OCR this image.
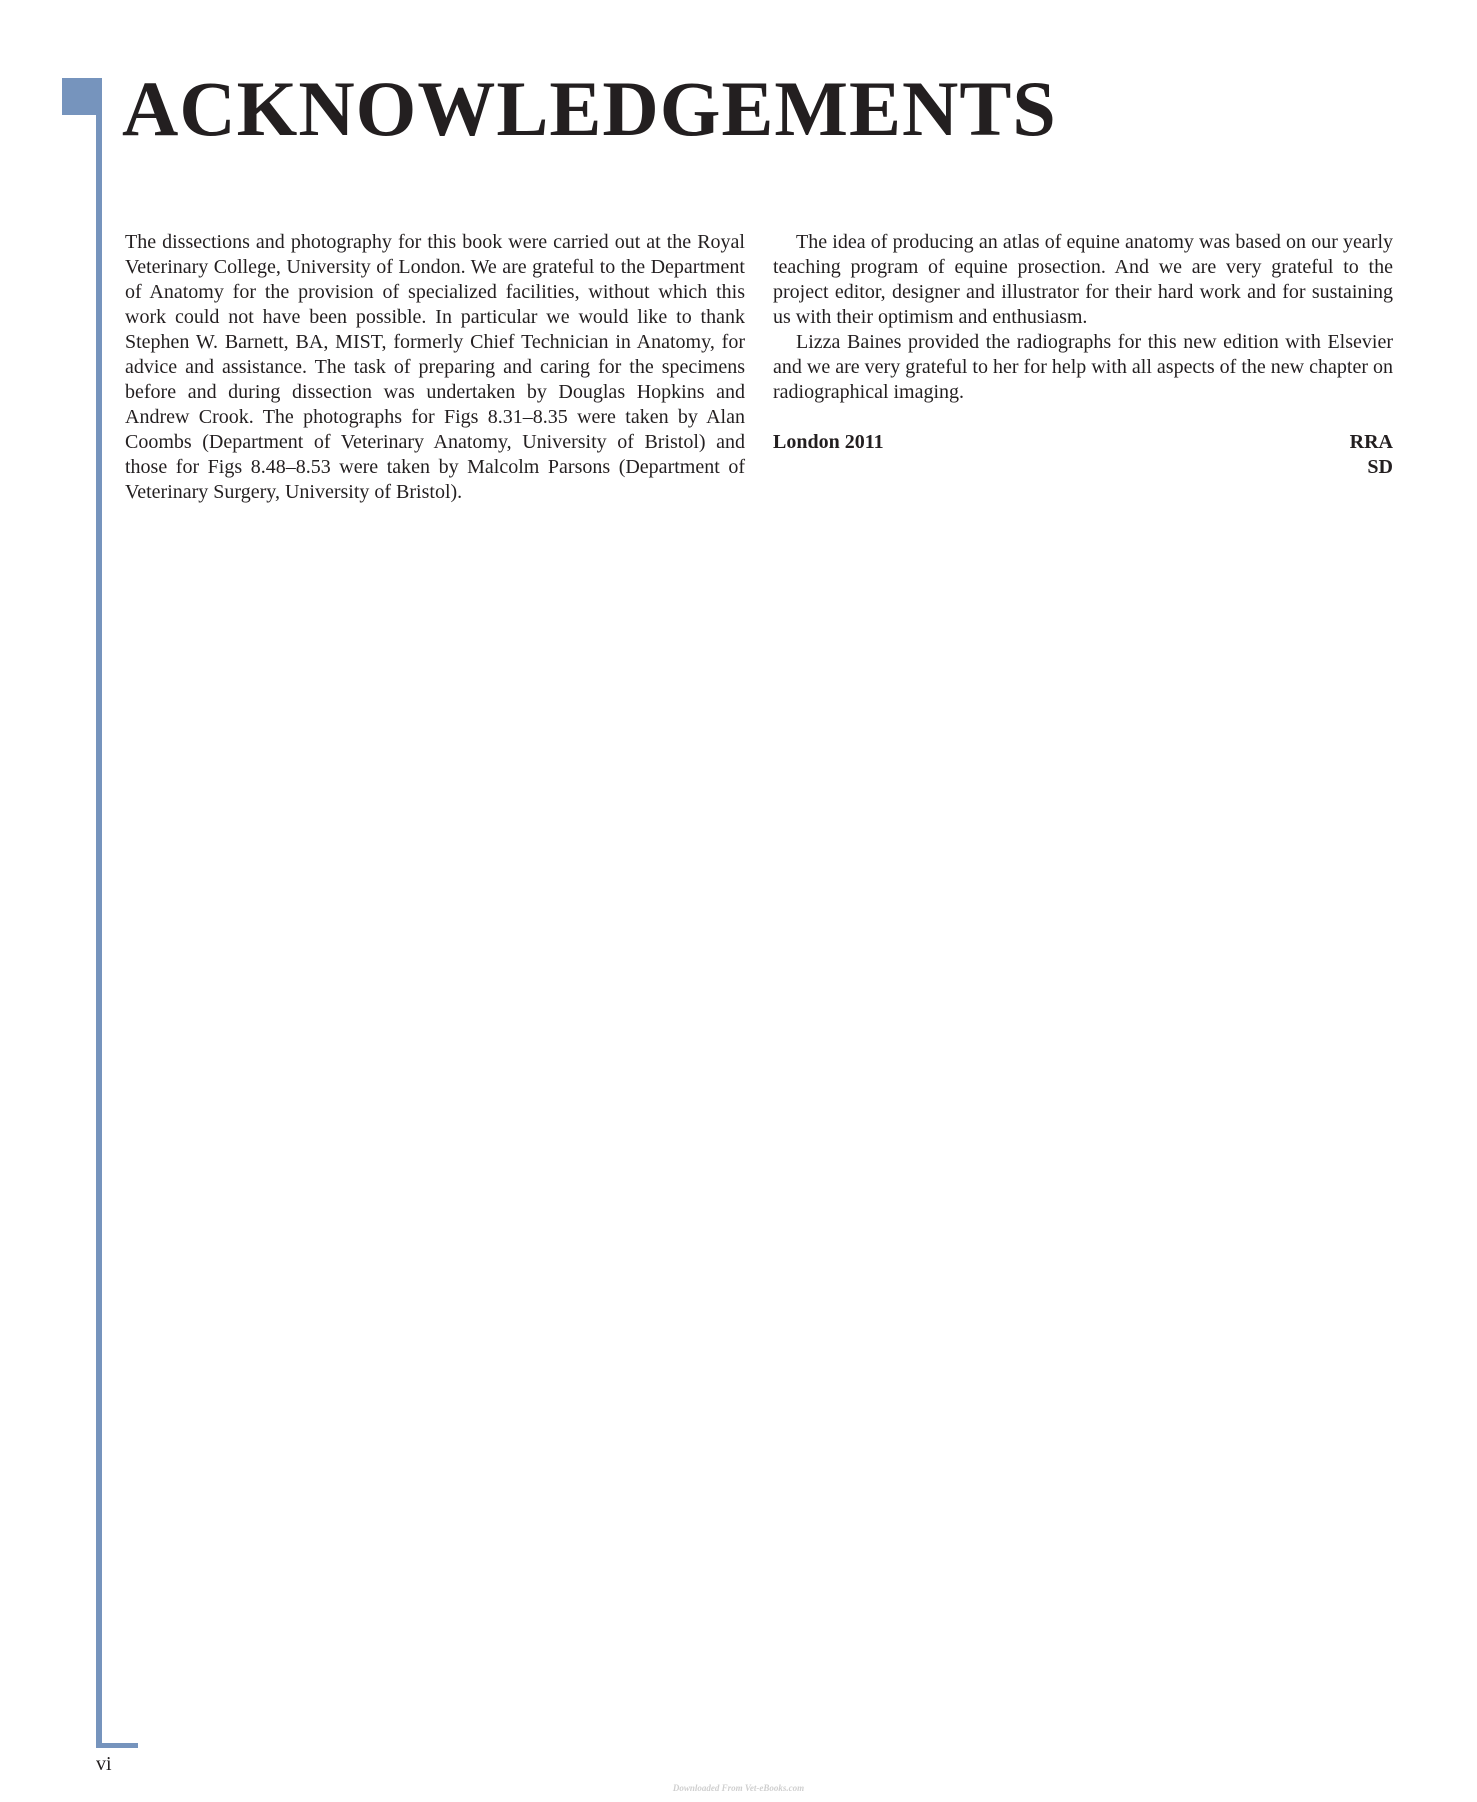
ACKNOWLEDGEMENTS

The dissections and photography for this book were carried out at the Royal Veterinary College, University of London. We are grateful to the Department of Anatomy for the provision of specialized facilities, without which this work could not have been possible. In particular we would like to thank Stephen W. Barnett, BA, MIST, formerly Chief Technician in Anatomy, for advice and assistance. The task of preparing and caring for the specimens before and during dissection was undertaken by Douglas Hopkins and Andrew Crook. The photographs for Figs 8.31–8.35 were taken by Alan Coombs (Department of Veterinary Anatomy, University of Bristol) and those for Figs 8.48–8.53 were taken by Malcolm Parsons (Department of Veterinary Surgery, University of Bristol).

The idea of producing an atlas of equine anatomy was based on our yearly teaching program of equine prosection. And we are very grateful to the project editor, designer and illustrator for their hard work and for sustaining us with their optimism and enthusiasm.

Lizza Baines provided the radiographs for this new edition with Elsevier and we are very grateful to her for help with all aspects of the new chapter on radiographical imaging.

London 2011	RRA
SD
vi
Downloaded From Vet-eBooks.com
